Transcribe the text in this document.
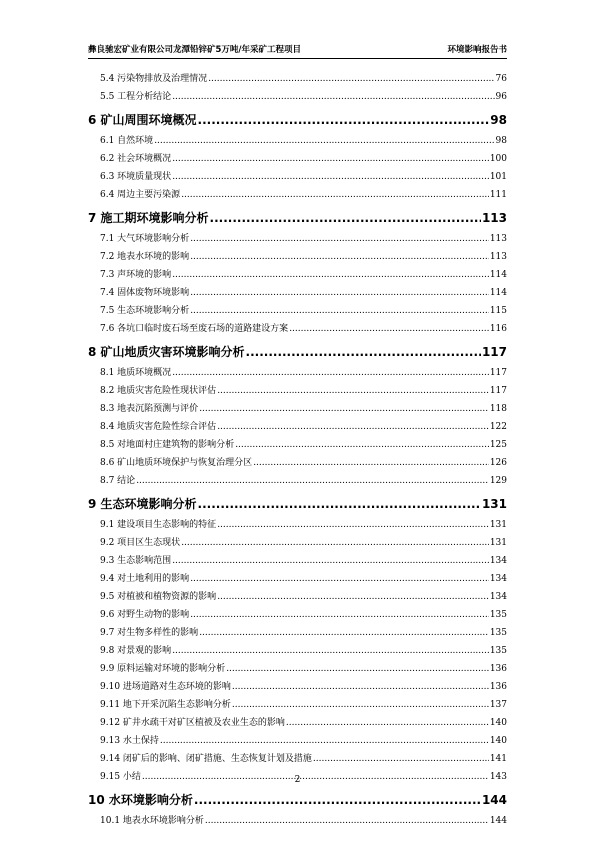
彝良驰宏矿业有限公司龙潭铅锌矿5万吨/年采矿工程项目	环境影响报告书
5.4 污染物排放及治理情况 .....	76
5.5 工程分析结论 .....	96
6 矿山周围环境概况 .....	98
6.1 自然环境 .....	98
6.2 社会环境概况 .....	100
6.3 环境质量现状 .....	101
6.4 周边主要污染源 .....	111
7 施工期环境影响分析 .....	113
7.1 大气环境影响分析 .....	113
7.2 地表水环境的影响 .....	113
7.3 声环境的影响 .....	114
7.4 固体废物环境影响 .....	114
7.5 生态环境影响分析 .....	115
7.6 各坑口临时废石场至废石场的道路建设方案 .....	116
8 矿山地质灾害环境影响分析 .....	117
8.1 地质环境概况 .....	117
8.2 地质灾害危险性现状评估 .....	117
8.3 地表沉陷预测与评价 .....	118
8.4 地质灾害危险性综合评估 .....	122
8.5 对地面村庄建筑物的影响分析 .....	125
8.6 矿山地质环境保护与恢复治理分区 .....	126
8.7 结论 .....	129
9 生态环境影响分析 .....	131
9.1 建设项目生态影响的特征 .....	131
9.2 项目区生态现状 .....	131
9.3 生态影响范围 .....	134
9.4 对土地利用的影响 .....	134
9.5 对植被和植物资源的影响 .....	134
9.6 对野生动物的影响 .....	135
9.7 对生物多样性的影响 .....	135
9.8 对景观的影响 .....	135
9.9 原料运输对环境的影响分析 .....	136
9.10 进场道路对生态环境的影响 .....	136
9.11 地下开采沉陷生态影响分析 .....	137
9.12 矿井水疏干对矿区植被及农业生态的影响 .....	140
9.13 水土保持 .....	140
9.14 闭矿后的影响、闭矿措施、生态恢复计划及措施 .....	141
9.15 小结 .....	143
10 水环境影响分析 .....	144
10.1 地表水环境影响分析 .....	144
2
